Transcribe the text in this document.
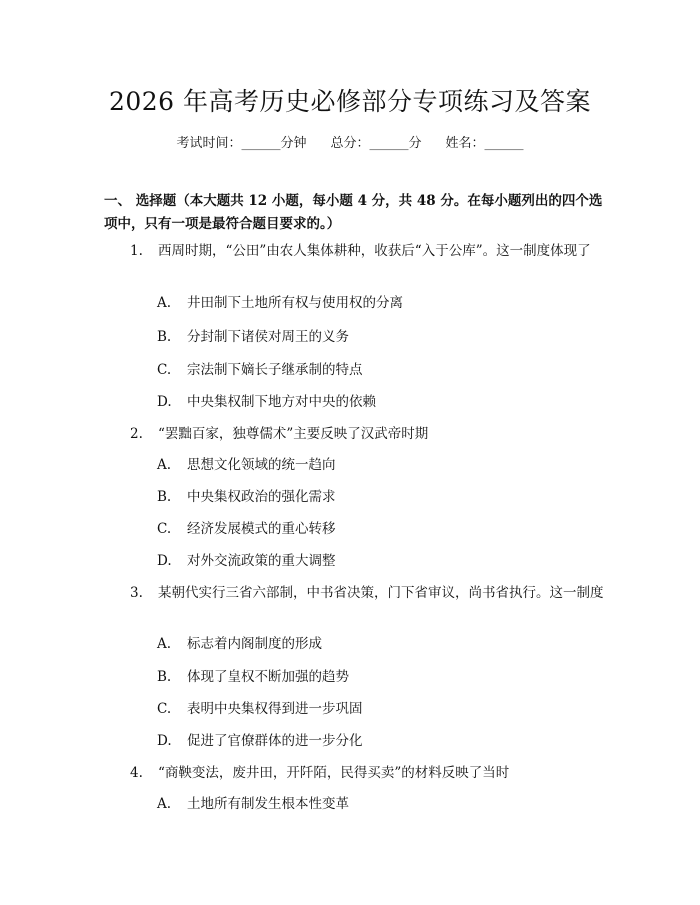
2026 年高考历史必修部分专项练习及答案
考试时间：______分钟 总分：______分 姓名：______
一、 选择题（本大题共 12 小题，每小题 4 分，共 48 分。在每小题列出的四个选项中，只有一项是最符合题目要求的。）
1. 西周时期，“公田”由农人集体耕种，收获后“入于公库”。这一制度体现了
A. 井田制下土地所有权与使用权的分离
B. 分封制下诸侯对周王的义务
C. 宗法制下嫡长子继承制的特点
D. 中央集权制下地方对中央的依赖
2. “罢黜百家，独尊儒术”主要反映了汉武帝时期
A. 思想文化领域的统一趋向
B. 中央集权政治的强化需求
C. 经济发展模式的重心转移
D. 对外交流政策的重大调整
3. 某朝代实行三省六部制，中书省决策，门下省审议，尚书省执行。这一制度
A. 标志着内阁制度的形成
B. 体现了皇权不断加强的趋势
C. 表明中央集权得到进一步巩固
D. 促进了官僚群体的进一步分化
4. “商鞅变法，废井田，开阡陌，民得买卖”的材料反映了当时
A. 土地所有制发生根本性变革
